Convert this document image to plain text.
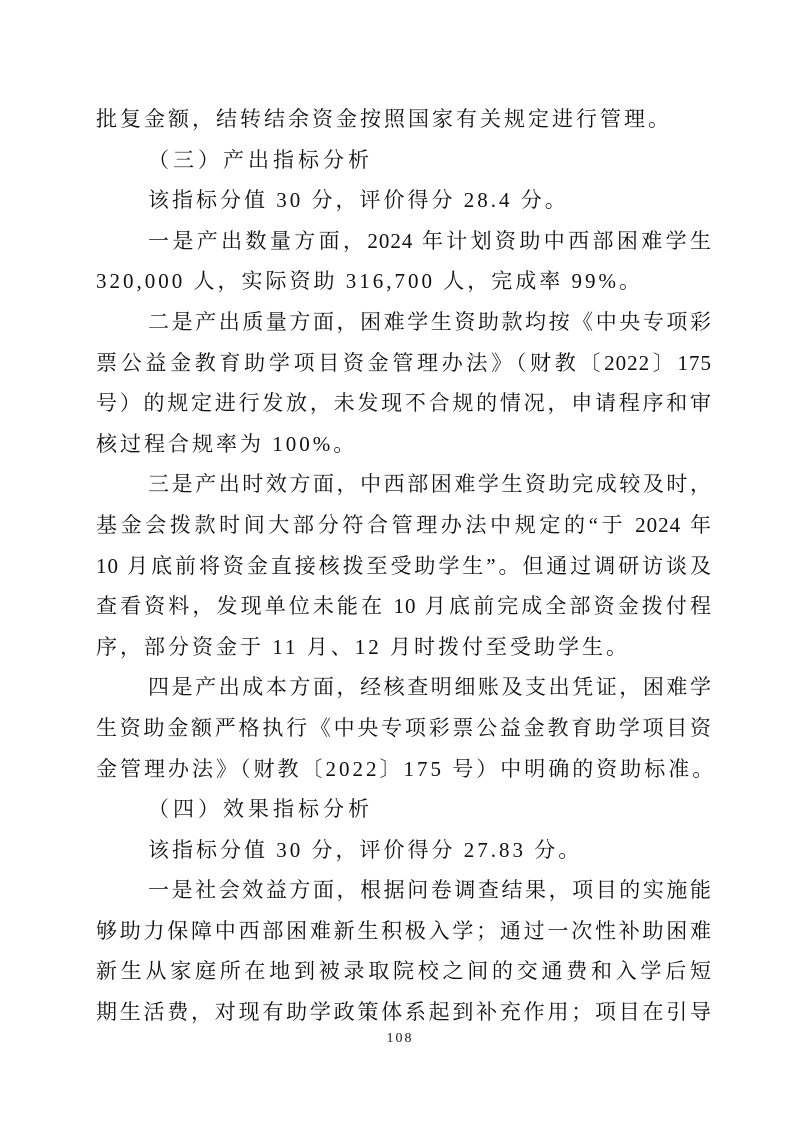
批复金额，结转结余资金按照国家有关规定进行管理。
（三）产出指标分析
该指标分值 30 分，评价得分 28.4 分。
一是产出数量方面，2024 年计划资助中西部困难学生
320,000 人，实际资助 316,700 人，完成率 99%。
二是产出质量方面，困难学生资助款均按《中央专项彩
票公益金教育助学项目资金管理办法》（财教〔2022〕175
号）的规定进行发放，未发现不合规的情况，申请程序和审
核过程合规率为 100%。
三是产出时效方面，中西部困难学生资助完成较及时，
基金会拨款时间大部分符合管理办法中规定的“于 2024 年
10 月底前将资金直接核拨至受助学生”。但通过调研访谈及
查看资料，发现单位未能在 10 月底前完成全部资金拨付程
序，部分资金于 11 月、12 月时拨付至受助学生。
四是产出成本方面，经核查明细账及支出凭证，困难学
生资助金额严格执行《中央专项彩票公益金教育助学项目资
金管理办法》（财教〔2022〕175 号）中明确的资助标准。
（四）效果指标分析
该指标分值 30 分，评价得分 27.83 分。
一是社会效益方面，根据问卷调查结果，项目的实施能
够助力保障中西部困难新生积极入学；通过一次性补助困难
新生从家庭所在地到被录取院校之间的交通费和入学后短
期生活费，对现有助学政策体系起到补充作用；项目在引导
108
